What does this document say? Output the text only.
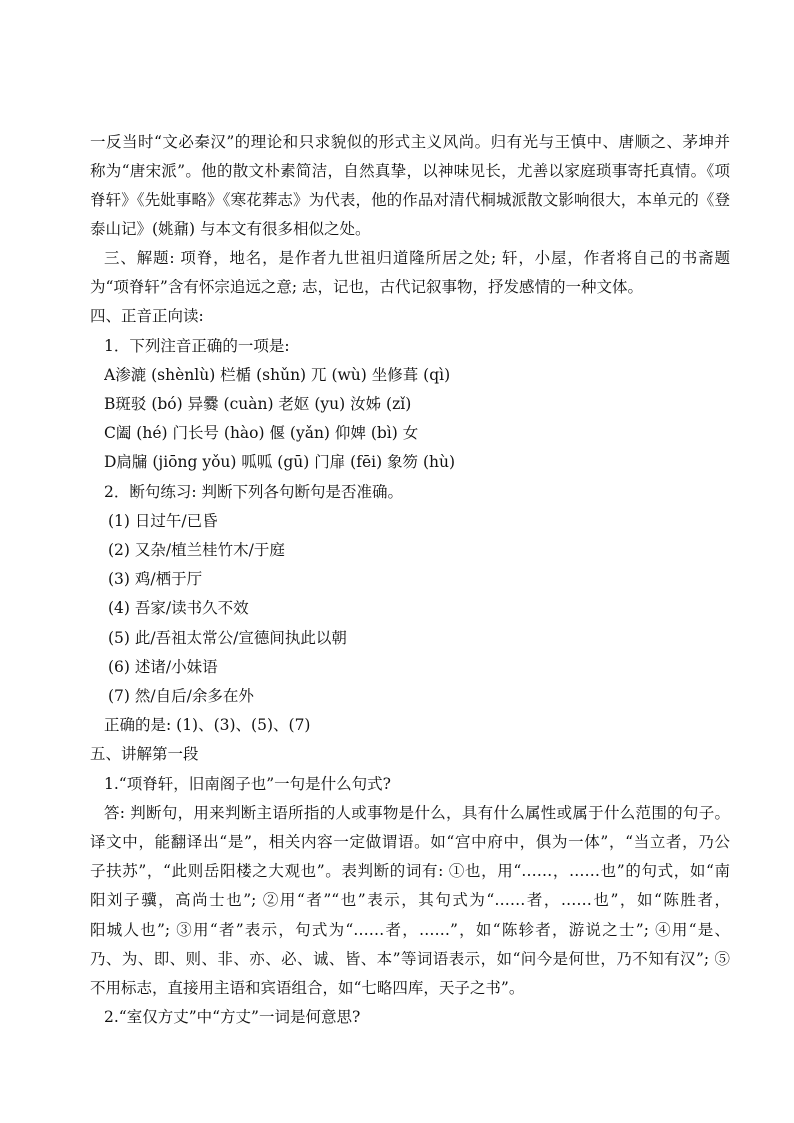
一反当时“文必秦汉”的理论和只求貌似的形式主义风尚。归有光与王慎中、唐顺之、茅坤并
称为“唐宋派”。他的散文朴素简洁，自然真挚，以神味见长，尤善以家庭琐事寄托真情。《项
脊轩》《先妣事略》《寒花葬志》为代表，他的作品对清代桐城派散文影响很大，本单元的《登
泰山记》(姚鼐) 与本文有很多相似之处。
三、解题: 项脊，地名，是作者九世祖归道隆所居之处; 轩，小屋，作者将自己的书斋题
为“项脊轩”含有怀宗追远之意; 志，记也，古代记叙事物，抒发感情的一种文体。
四、正音正向读:
1．下列注音正确的一项是:
A渗漉 (shènlù) 栏楯 (shǔn) 兀 (wù) 坐修葺 (qì)
B斑驳 (bó) 异爨 (cuàn) 老妪 (yu) 汝姊 (zǐ)
C阖 (hé) 门长号 (hào) 偃 (yǎn) 仰婢 (bì) 女
D扃牖 (jiōng yǒu) 呱呱 (gū) 门扉 (fēi) 象笏 (hù)
2．断句练习: 判断下列各句断句是否准确。
(1) 日过午/已昏
(2) 又杂/植兰桂竹木/于庭
(3) 鸡/栖于厅
(4) 吾家/读书久不效
(5) 此/吾祖太常公/宣德间执此以朝
(6) 述诸/小妹语
(7) 然/自后/余多在外
正确的是: (1)、(3)、(5)、(7)
五、讲解第一段
1.“项脊轩，旧南阁子也”一句是什么句式?
答: 判断句，用来判断主语所指的人或事物是什么，具有什么属性或属于什么范围的句子。
译文中，能翻译出“是”，相关内容一定做谓语。如“宫中府中，俱为一体”，“当立者，乃公
子扶苏”，“此则岳阳楼之大观也”。表判断的词有: ①也，用“……，……也”的句式，如“南
阳刘子骥，高尚士也”; ②用“者”“也”表示，其句式为“……者，……也”，如“陈胜者，
阳城人也”; ③用“者”表示，句式为“……者，……”，如“陈轸者，游说之士”; ④用“是、
乃、为、即、则、非、亦、必、诚、皆、本”等词语表示，如“问今是何世，乃不知有汉”; ⑤
不用标志，直接用主语和宾语组合，如“七略四库，天子之书”。
2.“室仅方丈”中“方丈”一词是何意思?
